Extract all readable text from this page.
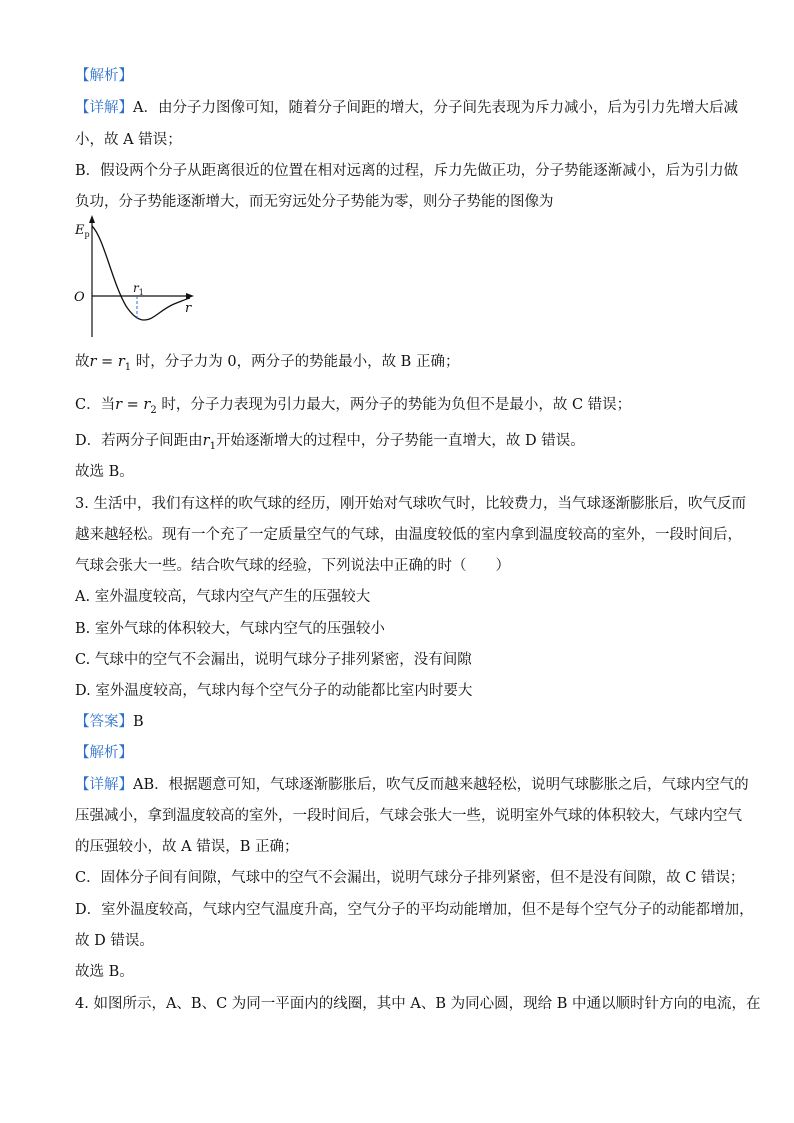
【解析】
【详解】A．由分子力图像可知，随着分子间距的增大，分子间先表现为斥力减小，后为引力先增大后减
小，故 A 错误；
B．假设两个分子从距离很近的位置在相对远离的过程，斥力先做正功，分子势能逐渐减小，后为引力做
负功，分子势能逐渐增大，而无穷远处分子势能为零，则分子势能的图像为
$E_p$
O
r
$r_1$
故$r = r_1$ 时，分子力为 0，两分子的势能最小，故 B 正确；
C．当$r = r_2$ 时，分子力表现为引力最大，两分子的势能为负但不是最小，故 C 错误；
D．若两分子间距由$r_1$开始逐渐增大的过程中，分子势能一直增大，故 D 错误。
故选 B。
3. 生活中，我们有这样的吹气球的经历，刚开始对气球吹气时，比较费力，当气球逐渐膨胀后，吹气反而
越来越轻松。现有一个充了一定质量空气的气球，由温度较低的室内拿到温度较高的室外，一段时间后，
气球会张大一些。结合吹气球的经验，下列说法中正确的时（　　）
A. 室外温度较高，气球内空气产生的压强较大
B. 室外气球的体积较大，气球内空气的压强较小
C. 气球中的空气不会漏出，说明气球分子排列紧密，没有间隙
D. 室外温度较高，气球内每个空气分子的动能都比室内时要大
【答案】B
【解析】
【详解】AB．根据题意可知，气球逐渐膨胀后，吹气反而越来越轻松，说明气球膨胀之后，气球内空气的
压强减小，拿到温度较高的室外，一段时间后，气球会张大一些，说明室外气球的体积较大，气球内空气
的压强较小，故 A 错误，B 正确；
C．固体分子间有间隙，气球中的空气不会漏出，说明气球分子排列紧密，但不是没有间隙，故 C 错误；
D．室外温度较高，气球内空气温度升高，空气分子的平均动能增加，但不是每个空气分子的动能都增加，
故 D 错误。
故选 B。
4. 如图所示，A、B、C 为同一平面内的线圈，其中 A、B 为同心圆，现给 B 中通以顺时针方向的电流，在
